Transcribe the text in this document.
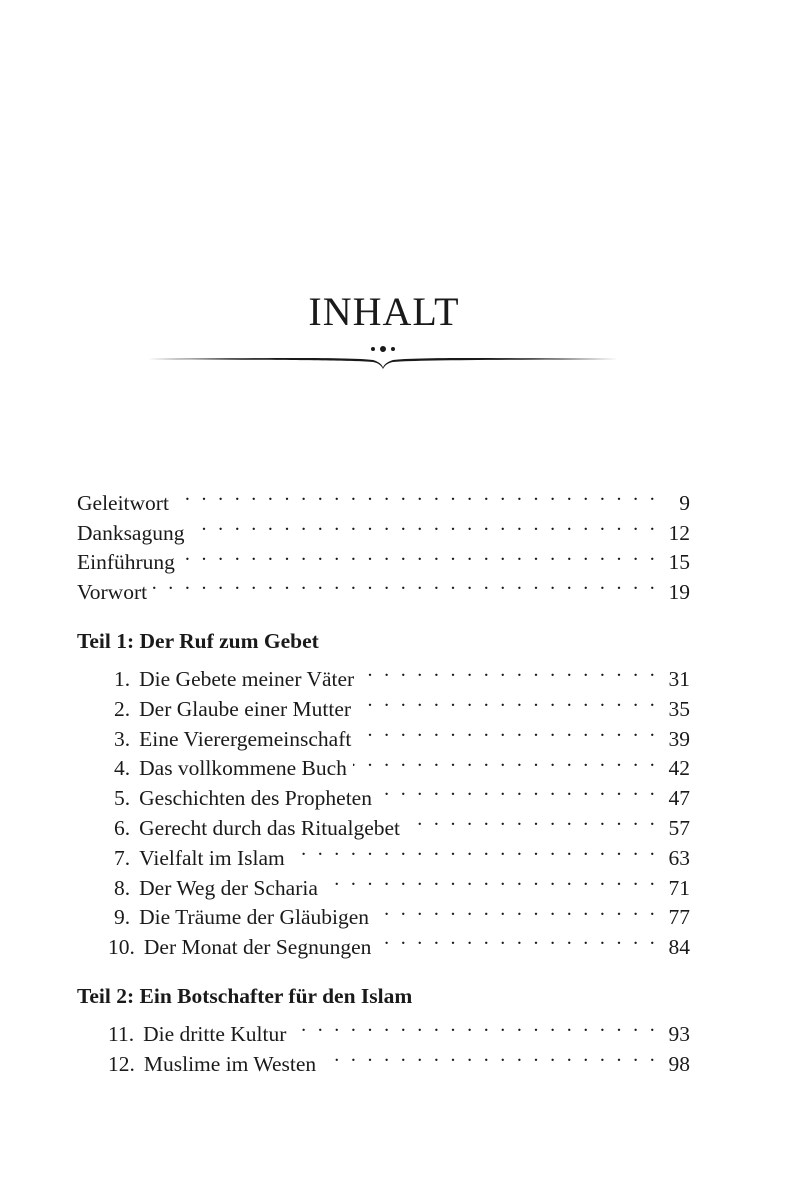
INHALT
Geleitwort . . .	9
Danksagung . . .	12
Einführung . . .	15
Vorwort . . .	19
Teil 1: Der Ruf zum Gebet
1. Die Gebete meiner Väter . . .	31
2. Der Glaube einer Mutter . . .	35
3. Eine Vierergemeinschaft . . .	39
4. Das vollkommene Buch . . .	42
5. Geschichten des Propheten . . .	47
6. Gerecht durch das Ritualgebet . . .	57
7. Vielfalt im Islam . . .	63
8. Der Weg der Scharia . . .	71
9. Die Träume der Gläubigen . . .	77
10. Der Monat der Segnungen . . .	84
Teil 2: Ein Botschafter für den Islam
11. Die dritte Kultur . . .	93
12. Muslime im Westen . . .	98
